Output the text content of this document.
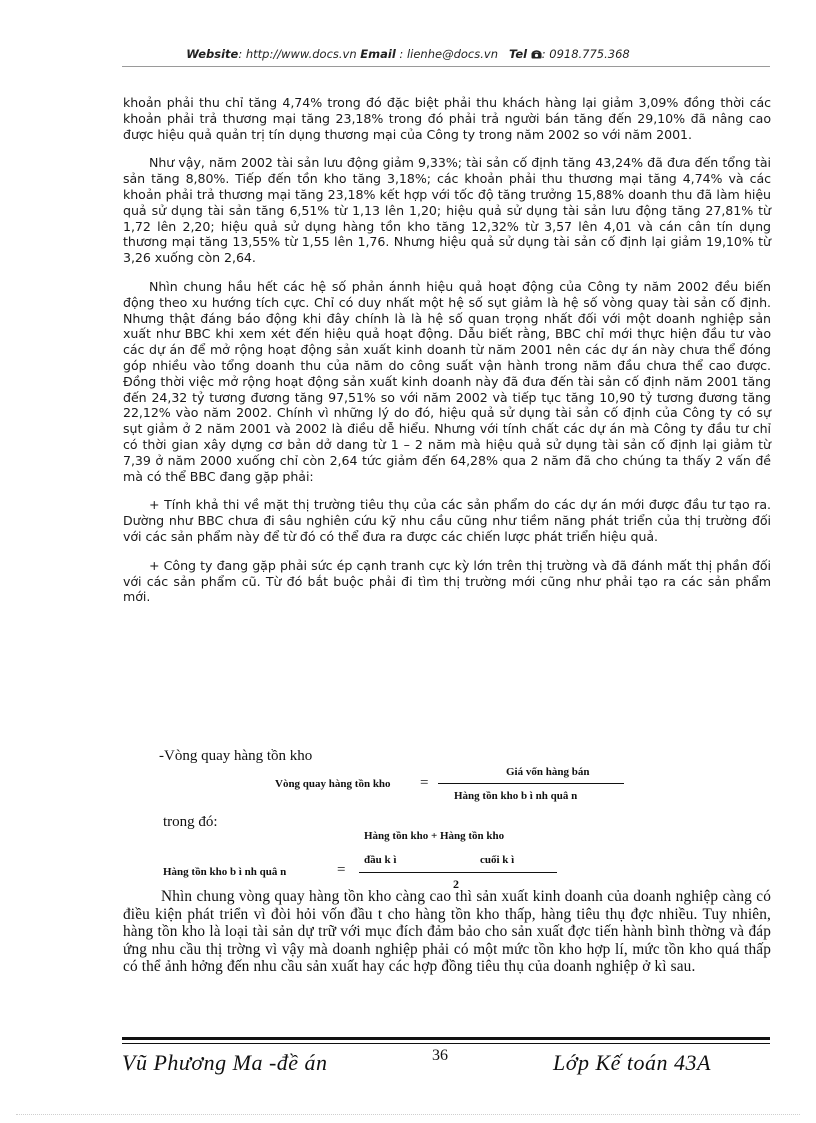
Website: http://www.docs.vn Email : lienhe@docs.vn Tel : 0918.775.368

khoản phải thu chỉ tăng 4,74% trong đó đặc biệt phải thu khách hàng lại giảm 3,09% đồng thời các khoản phải trả thương mại tăng 23,18% trong đó phải trả người bán tăng đến 29,10% đã nâng cao được hiệu quả quản trị tín dụng thương mại của Công ty trong năm 2002 so với năm 2001.

Như vậy, năm 2002 tài sản lưu động giảm 9,33%; tài sản cố định tăng 43,24% đã đưa đến tổng tài sản tăng 8,80%. Tiếp đến tồn kho tăng 3,18%; các khoản phải thu thương mại tăng 4,74% và các khoản phải trả thương mại tăng 23,18% kết hợp với tốc độ tăng trưởng 15,88% doanh thu đã làm hiệu quả sử dụng tài sản tăng 6,51% từ 1,13 lên 1,20; hiệu quả sử dụng tài sản lưu động tăng 27,81% từ 1,72 lên 2,20; hiệu quả sử dụng hàng tồn kho tăng 12,32% từ 3,57 lên 4,01 và cán cân tín dụng thương mại tăng 13,55% từ 1,55 lên 1,76. Nhưng hiệu quả sử dụng tài sản cố định lại giảm 19,10% từ 3,26 xuống còn 2,64.

Nhìn chung hầu hết các hệ số phản ánnh hiệu quả hoạt động của Công ty năm 2002 đều biến động theo xu hướng tích cực. Chỉ có duy nhất một hệ số sụt giảm là hệ số vòng quay tài sản cố định. Nhưng thật đáng báo động khi đây chính là là hệ số quan trọng nhất đối với một doanh nghiệp sản xuất như BBC khi xem xét đến hiệu quả hoạt động. Dẫu biết rằng, BBC chỉ mới thực hiện đầu tư vào các dự án để mở rộng hoạt động sản xuất kinh doanh từ năm 2001 nên các dự án này chưa thể đóng góp nhiều vào tổng doanh thu của năm do công suất vận hành trong năm đầu chưa thể cao được. Đồng thời việc mở rộng hoạt động sản xuất kinh doanh này đã đưa đến tài sản cố định năm 2001 tăng đến 24,32 tỷ tương đương tăng 97,51% so với năm 2002 và tiếp tục tăng 10,90 tỷ tương đương tăng 22,12% vào năm 2002. Chính vì những lý do đó, hiệu quả sử dụng tài sản cố định của Công ty có sự sụt giảm ở 2 năm 2001 và 2002 là điều dễ hiểu. Nhưng với tính chất các dự án mà Công ty đầu tư chỉ có thời gian xây dựng cơ bản dở dang từ 1 – 2 năm mà hiệu quả sử dụng tài sản cố định lại giảm từ 7,39 ở năm 2000 xuống chỉ còn 2,64 tức giảm đến 64,28% qua 2 năm đã cho chúng ta thấy 2 vấn đề mà có thể BBC đang gặp phải:

+ Tính khả thi về mặt thị trường tiêu thụ của các sản phẩm do các dự án mới được đầu tư tạo ra. Dường như BBC chưa đi sâu nghiên cứu kỹ nhu cầu cũng như tiềm năng phát triển của thị trường đối với các sản phẩm này để từ đó có thể đưa ra được các chiến lược phát triển hiệu quả.

+ Công ty đang gặp phải sức ép cạnh tranh cực kỳ lớn trên thị trường và đã đánh mất thị phần đối với các sản phẩm cũ. Từ đó bắt buộc phải đi tìm thị trường mới cũng như phải tạo ra các sản phẩm mới.

-Vòng quay hàng tồn kho
Vòng quay hàng tồn kho =
Giá vốn hàng bán
Hàng tồn kho b ì nh quâ n
trong đó:
Hàng tồn kho + Hàng tồn kho
đầu k ì	cuối k ì
Hàng tồn kho b ì nh quâ n	=
2
Nhìn chung vòng quay hàng tồn kho càng cao thì sản xuất kinh doanh của doanh nghiệp càng có điều kiện phát triển vì đòi hỏi vốn đầu t cho hàng tồn kho thấp, hàng tiêu thụ đợc nhiều. Tuy nhiên, hàng tồn kho là loại tài sản dự trữ với mục đích đảm bảo cho sản xuất đợc tiến hành bình thờng và đáp ứng nhu cầu thị trờng vì vậy mà doanh nghiệp phải có một mức tồn kho hợp lí, mức tồn kho quá thấp có thể ảnh hởng đến nhu cầu sản xuất hay các hợp đồng tiêu thụ của doanh nghiệp ở kì sau.
Vũ Phương Ma -đề án	36	Lớp Kế toán 43A
